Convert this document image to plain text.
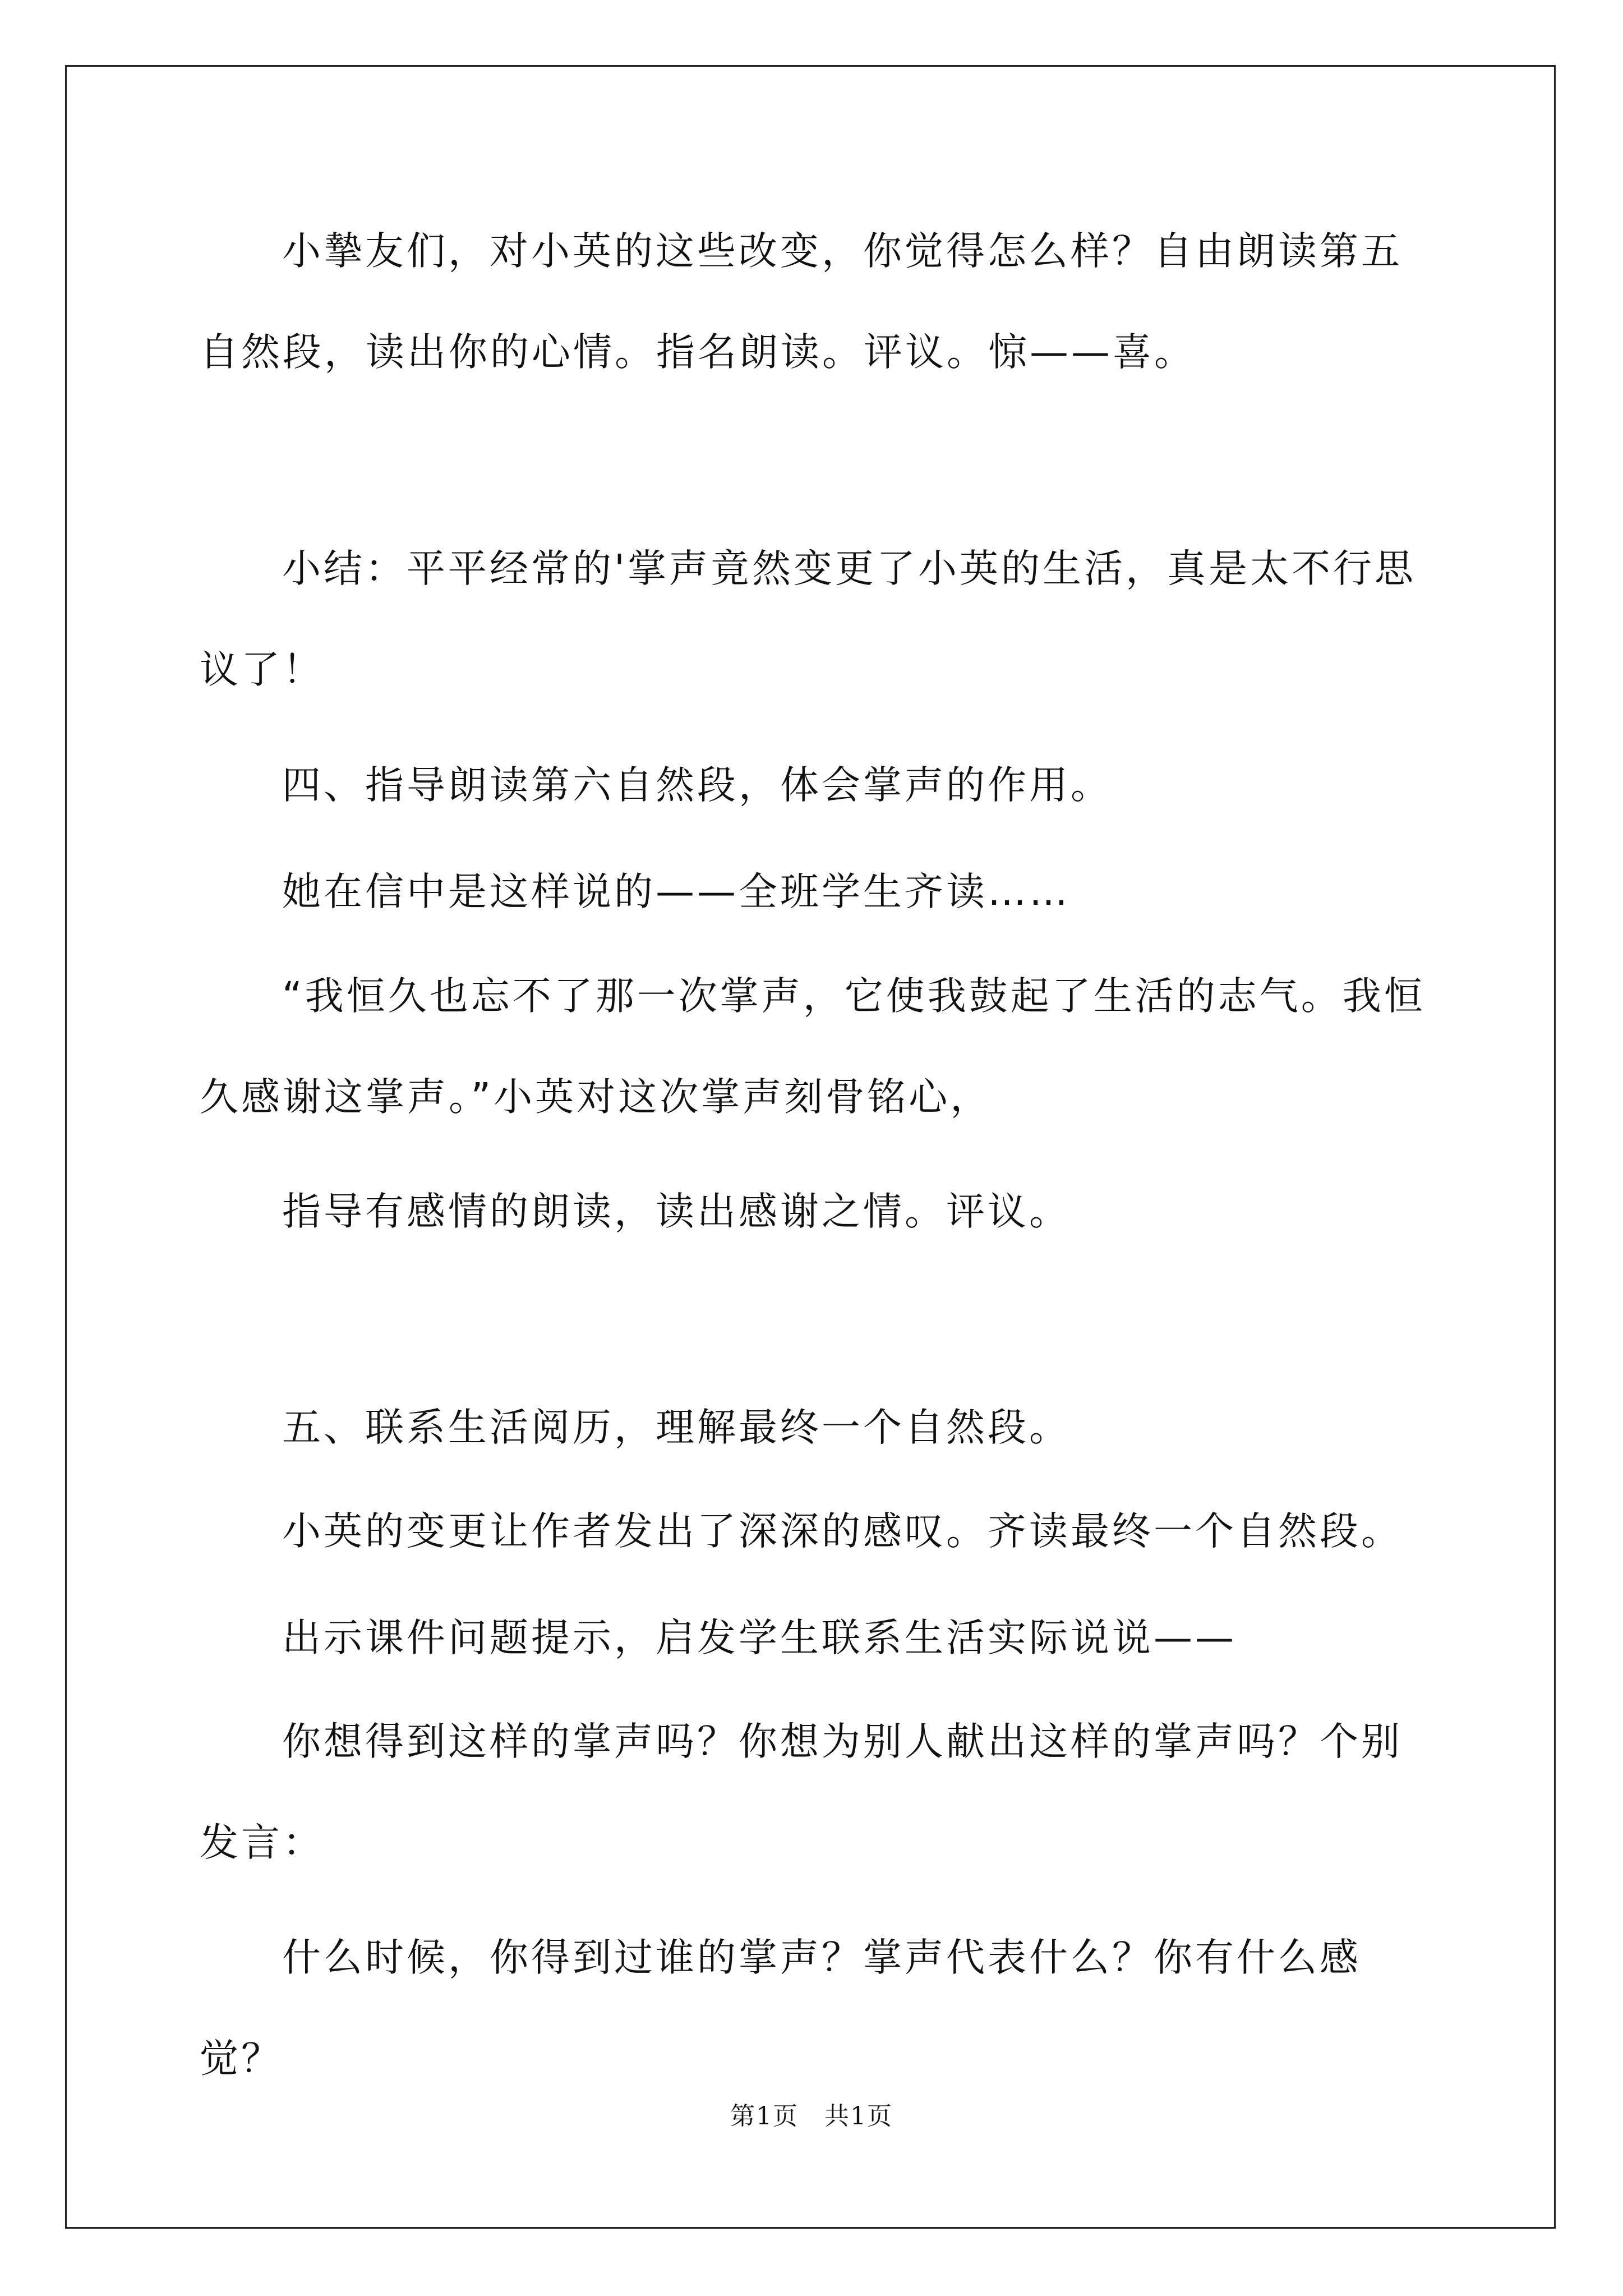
小摯友们，对小英的这些改变，你觉得怎么样？自由朗读第五自然段，读出你的心情。指名朗读。评议。惊——喜。

小结：平平经常的'掌声竟然变更了小英的生活，真是太不行思议了！

四、指导朗读第六自然段，体会掌声的作用。

她在信中是这样说的——全班学生齐读……

“我恒久也忘不了那一次掌声，它使我鼓起了生活的志气。我恒久感谢这掌声。”小英对这次掌声刻骨铭心，

指导有感情的朗读，读出感谢之情。评议。

五、联系生活阅历，理解最终一个自然段。

小英的变更让作者发出了深深的感叹。齐读最终一个自然段。

出示课件问题提示，启发学生联系生活实际说说——

你想得到这样的掌声吗？你想为别人献出这样的掌声吗？个别发言：

什么时候，你得到过谁的掌声？掌声代表什么？你有什么感觉？

第1页　共1页
